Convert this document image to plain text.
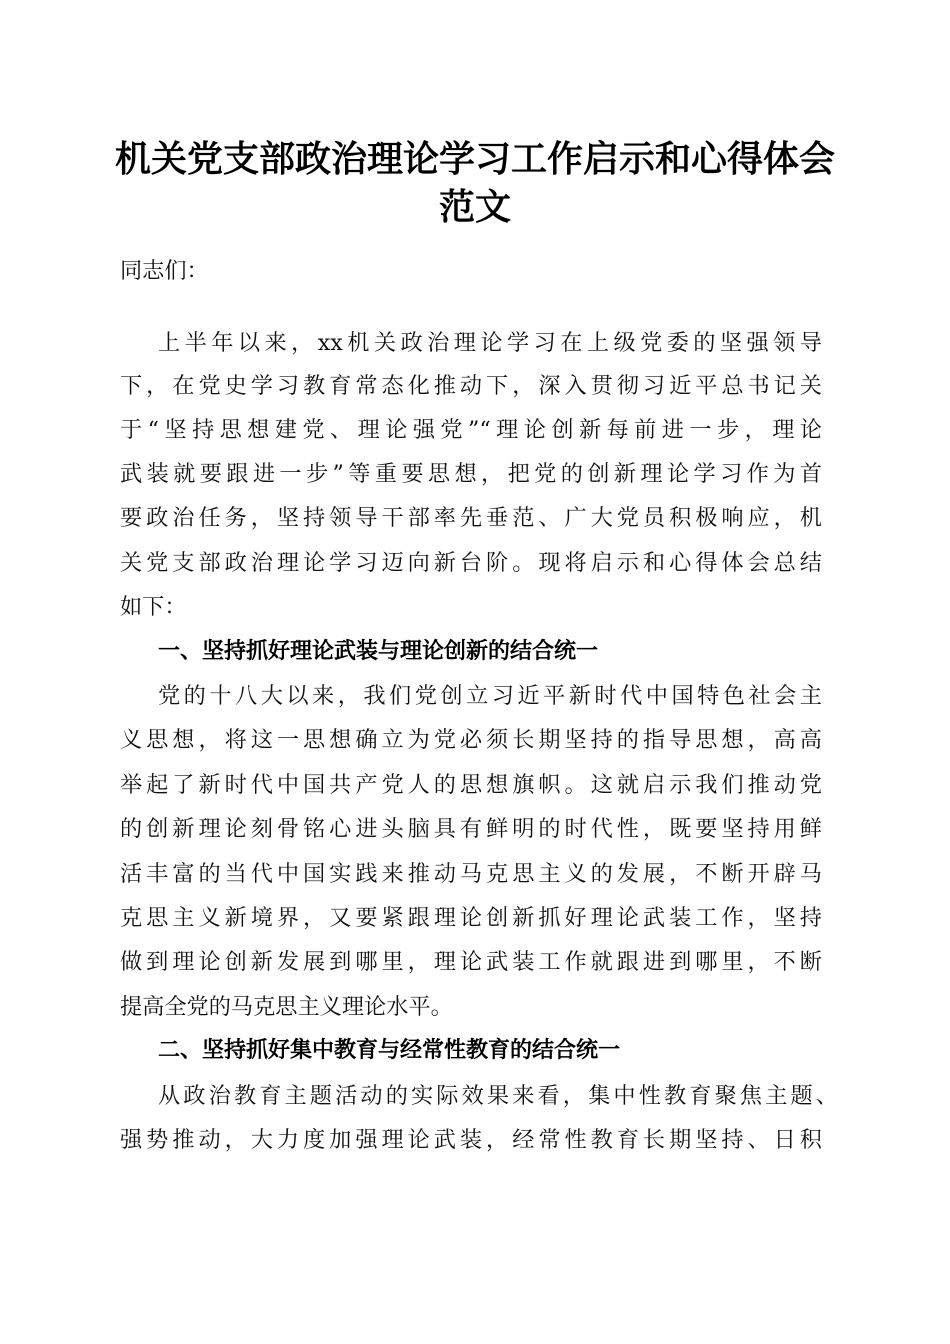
机关党支部政治理论学习工作启示和心得体会
范文
同志们：
上半年以来，xx机关政治理论学习在上级党委的坚强领导
下，在党史学习教育常态化推动下，深入贯彻习近平总书记关
于“坚持思想建党、理论强党”“理论创新每前进一步，理论
武装就要跟进一步”等重要思想，把党的创新理论学习作为首
要政治任务，坚持领导干部率先垂范、广大党员积极响应，机
关党支部政治理论学习迈向新台阶。现将启示和心得体会总结
如下：
一、坚持抓好理论武装与理论创新的结合统一
党的十八大以来，我们党创立习近平新时代中国特色社会主
义思想，将这一思想确立为党必须长期坚持的指导思想，高高
举起了新时代中国共产党人的思想旗帜。这就启示我们推动党
的创新理论刻骨铭心进头脑具有鲜明的时代性，既要坚持用鲜
活丰富的当代中国实践来推动马克思主义的发展，不断开辟马
克思主义新境界，又要紧跟理论创新抓好理论武装工作，坚持
做到理论创新发展到哪里，理论武装工作就跟进到哪里，不断
提高全党的马克思主义理论水平。
二、坚持抓好集中教育与经常性教育的结合统一
从政治教育主题活动的实际效果来看，集中性教育聚焦主题、
强势推动，大力度加强理论武装，经常性教育长期坚持、日积
